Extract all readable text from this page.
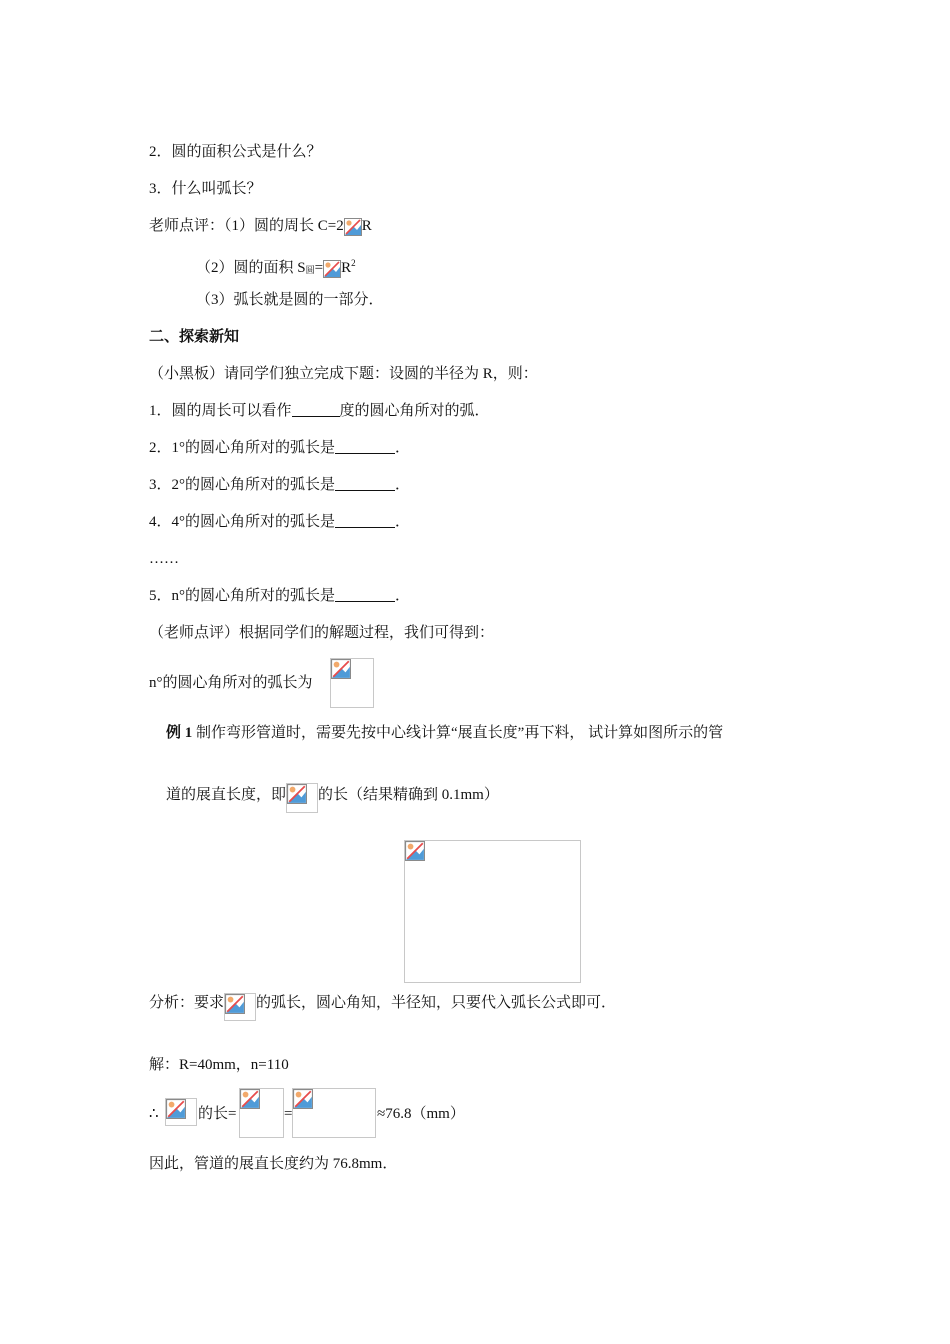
2．圆的面积公式是什么？
3．什么叫弧长？
老师点评：（1）圆的周长 C=2 R
（2）圆的面积 $S_圆= R^2$
（3）弧长就是圆的一部分．
二、探索新知
（小黑板）请同学们独立完成下题：设圆的半径为 R，则：
1．圆的周长可以看作	度的圆心角所对的弧．
2．1°的圆心角所对的弧长是	．
3．2°的圆心角所对的弧长是	．
4．4°的圆心角所对的弧长是	．
……
5．n°的圆心角所对的弧长是	．
（老师点评）根据同学们的解题过程，我们可得到：
n°的圆心角所对的弧长为
例 1 制作弯形管道时，需要先按中心线计算“展直长度”再下料， 试计算如图所示的管
道的展直长度，即 的长（结果精确到 0.1mm）
分析：要求 的弧长，圆心角知，半径知，只要代入弧长公式即可．
解：R=40mm，n=110
∴	的长=	=	≈76.8（mm）
因此，管道的展直长度约为 76.8mm．
